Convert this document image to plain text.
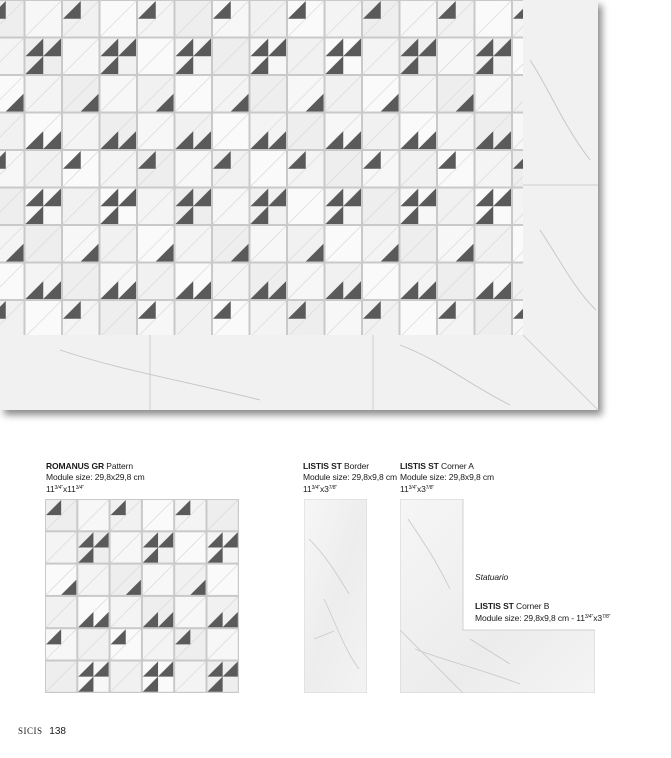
ROMANUS GR Pattern
Module size: 29,8x29,8 cm
$11^{3/4"}x11^{3/4"}$
LISTIS ST Border
Module size: 29,8x9,8 cm
$11^{3/4"}x3^{7/8"}$
LISTIS ST Corner A
Module size: 29,8x9,8 cm
$11^{3/4"}x3^{7/8"}$
Statuario
LISTIS ST Corner B
Module size: 29,8x9,8 cm - $11^{3/4"}x3^{7/8"}$
SICIS 138
